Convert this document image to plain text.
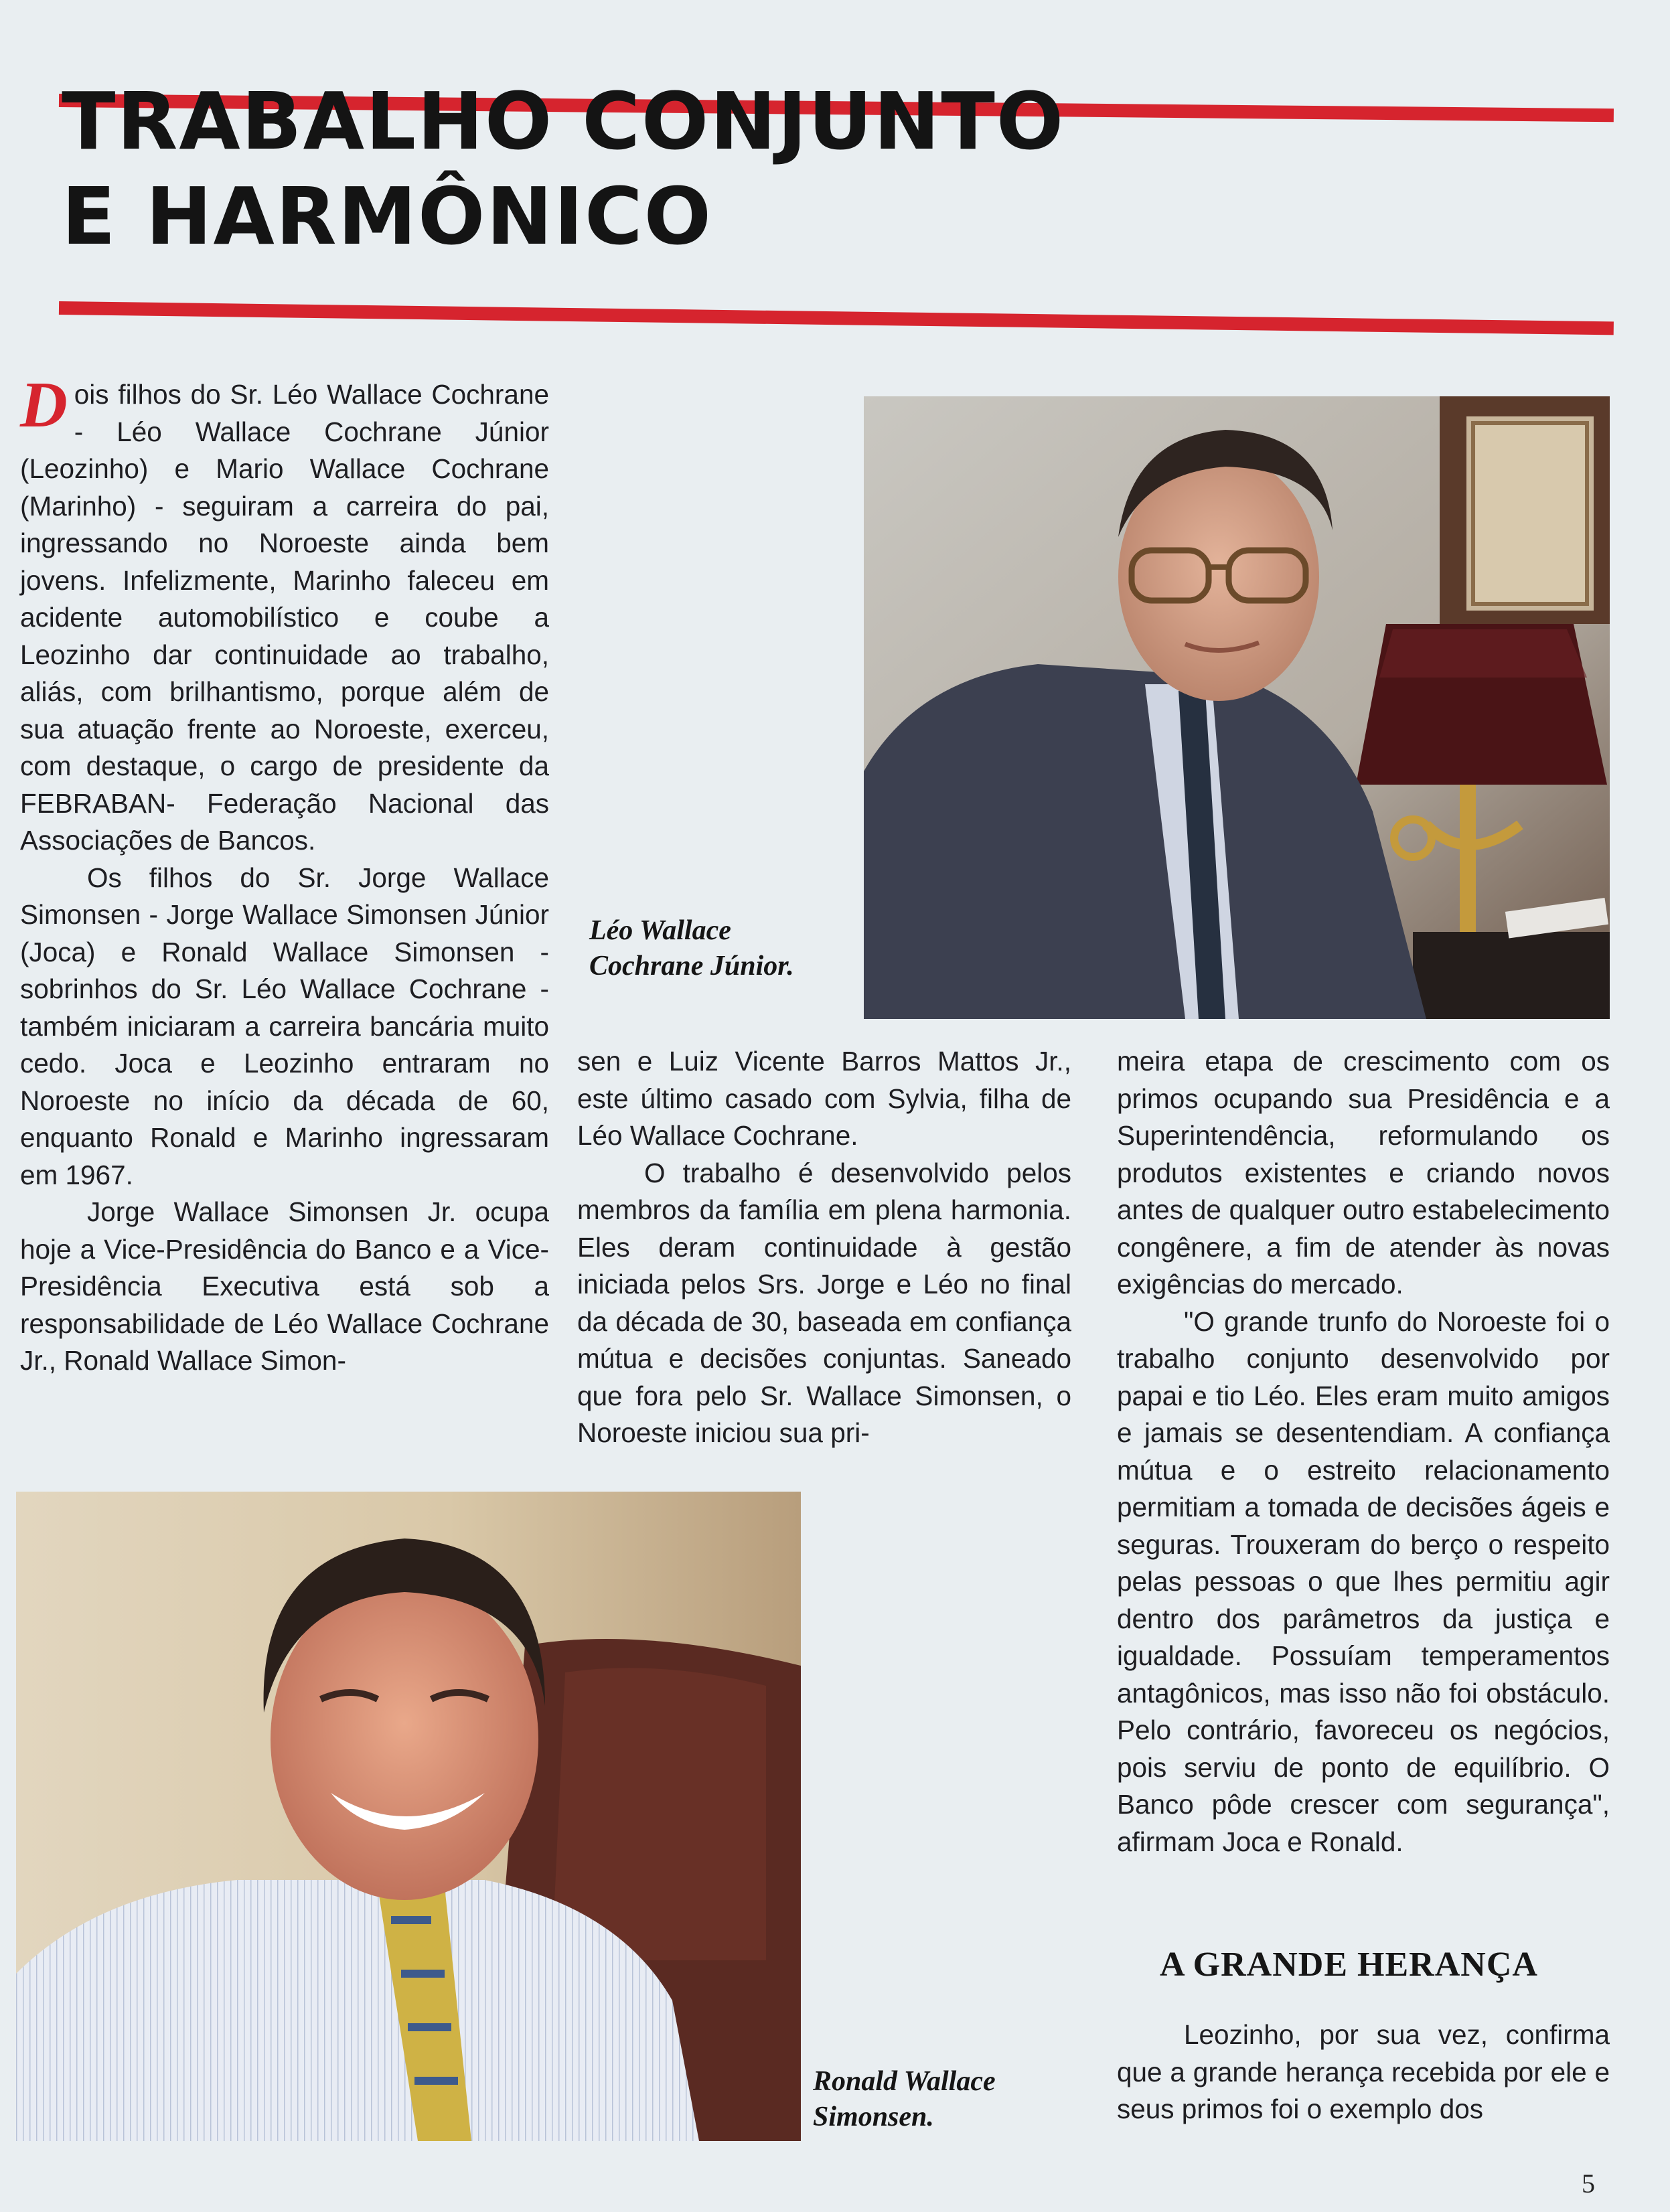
TRABALHO CONJUNTO
E HARMÔNICO

Dois filhos do Sr. Léo Wallace Cochrane - Léo Wallace Cochrane Júnior (Leozinho) e Mario Wallace Cochrane (Marinho) - seguiram a carreira do pai, ingressando no Noroeste ainda bem jovens. Infelizmente, Marinho faleceu em acidente automobilístico e coube a Leozinho dar continuidade ao trabalho, aliás, com brilhantismo, porque além de sua atuação frente ao Noroeste, exerceu, com destaque, o cargo de presidente da FEBRABAN- Federação Nacional das Associações de Bancos.

Os filhos do Sr. Jorge Wallace Simonsen - Jorge Wallace Simonsen Júnior (Joca) e Ronald Wallace Simonsen - sobrinhos do Sr. Léo Wallace Cochrane - também iniciaram a carreira bancária muito cedo. Joca e Leozinho entraram no Noroeste no início da década de 60, enquanto Ronald e Marinho ingressaram em 1967.

Jorge Wallace Simonsen Jr. ocupa hoje a Vice-Presidência do Banco e a Vice-Presidência Executiva está sob a responsabilidade de Léo Wallace Cochrane Jr., Ronald Wallace Simon-

sen e Luiz Vicente Barros Mattos Jr., este último casado com Sylvia, filha de Léo Wallace Cochrane.

O trabalho é desenvolvido pelos membros da família em plena harmonia. Eles deram continuidade à gestão iniciada pelos Srs. Jorge e Léo no final da década de 30, baseada em confiança mútua e decisões conjuntas. Saneado que fora pelo Sr. Wallace Simonsen, o Noroeste iniciou sua pri-

meira etapa de crescimento com os primos ocupando sua Presidência e a Superintendência, reformulando os produtos existentes e criando novos antes de qualquer outro estabelecimento congênere, a fim de atender às novas exigências do mercado.

"O grande trunfo do Noroeste foi o trabalho conjunto desenvolvido por papai e tio Léo. Eles eram muito amigos e jamais se desentendiam. A confiança mútua e o estreito relacionamento permitiam a tomada de decisões ágeis e seguras. Trouxeram do berço o respeito pelas pessoas o que lhes permitiu agir dentro dos parâmetros da justiça e igualdade. Possuíam temperamentos antagônicos, mas isso não foi obstáculo. Pelo contrário, favoreceu os negócios, pois serviu de ponto de equilíbrio. O Banco pôde crescer com segurança", afirmam Joca e Ronald.

A GRANDE HERANÇA

Leozinho, por sua vez, confirma que a grande herança recebida por ele e seus primos foi o exemplo dos

Léo Wallace
Cochrane Júnior.
Ronald Wallace
Simonsen.
5
